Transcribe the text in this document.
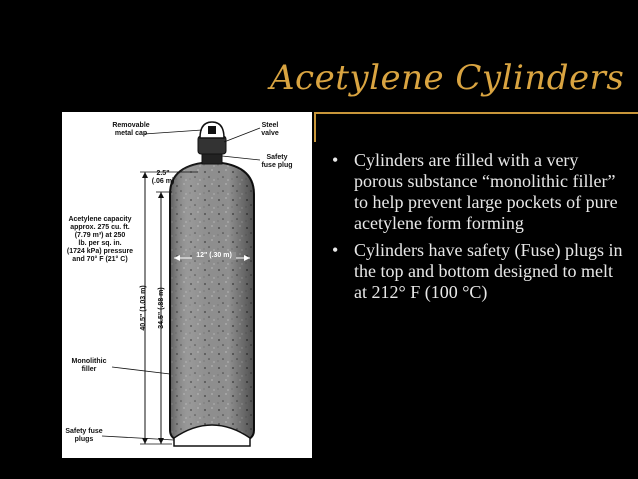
Acetylene Cylinders
• Cylinders are filled with a very porous substance “monolithic filler” to help prevent large pockets of pure acetylene form forming
• Cylinders have safety (Fuse) plugs in the top and bottom designed to melt at 212° F (100 °C)
Removable
metal cap
Steel
valve
Safety
fuse plug
2.5"
(.06 m)
Acetylene capacity
approx. 275 cu. ft.
(7.79 m³) at 250
lb. per sq. in.
(1724 kPa) pressure
and 70° F (21° C)
12" (.30 m)
40.5" (1.03 m) 34.5" (.88 m)
Monolithic
filler
Safety fuse
plugs
